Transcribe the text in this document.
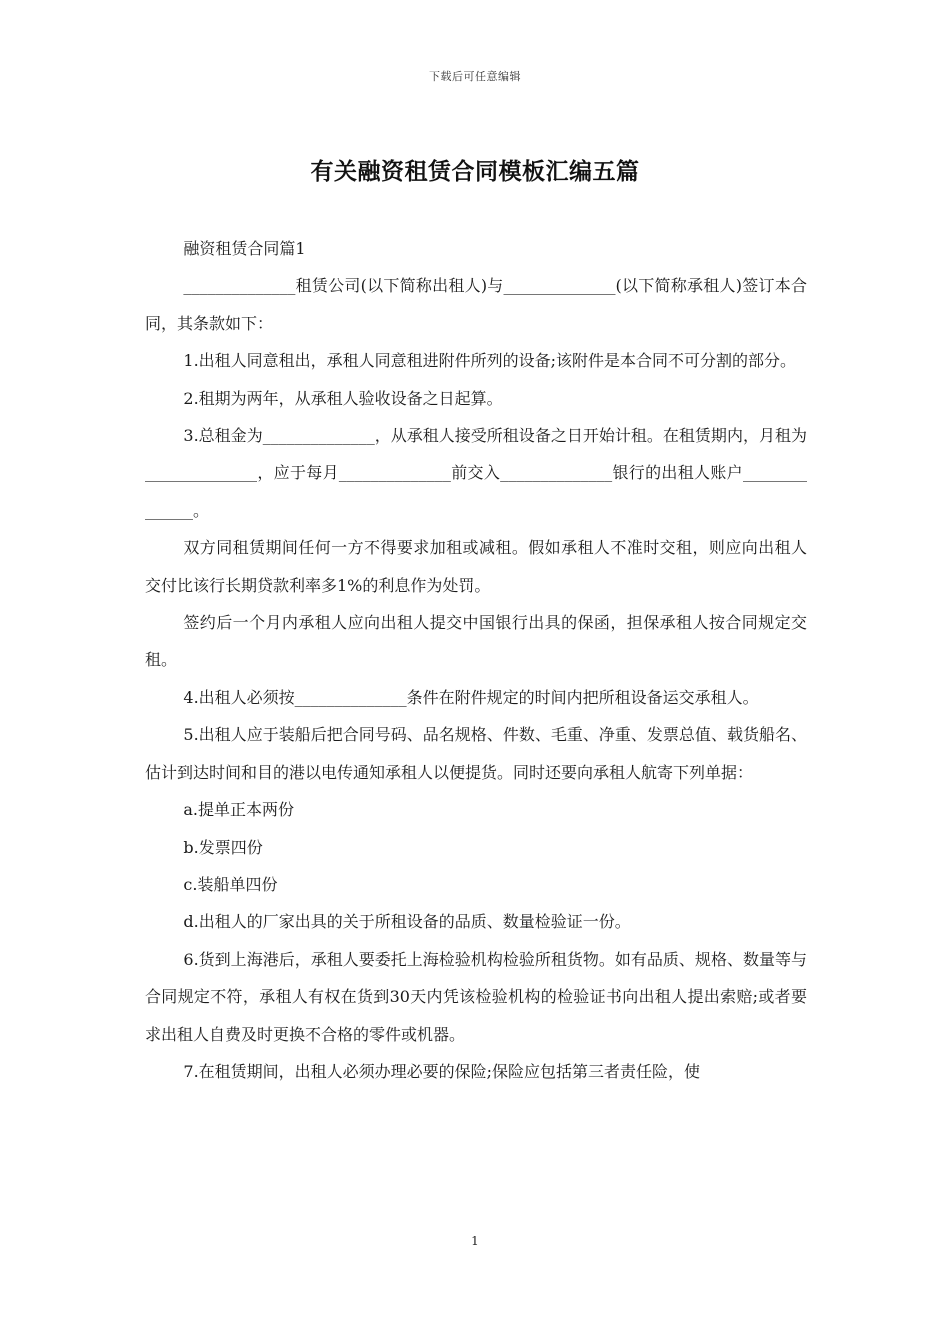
下载后可任意编辑
有关融资租赁合同模板汇编五篇

融资租赁合同篇1

______________租赁公司(以下简称出租人)与______________(以下简称承租人)签订本合同，其条款如下：

1.出租人同意租出，承租人同意租进附件所列的设备;该附件是本合同不可分割的部分。

2.租期为两年，从承租人验收设备之日起算。

3.总租金为______________，从承租人接受所租设备之日开始计租。在租赁期内，月租为______________，应于每月______________前交入______________银行的出租人账户______________。

双方同租赁期间任何一方不得要求加租或减租。假如承租人不准时交租，则应向出租人交付比该行长期贷款利率多1%的利息作为处罚。

签约后一个月内承租人应向出租人提交中国银行出具的保函，担保承租人按合同规定交租。

4.出租人必须按______________条件在附件规定的时间内把所租设备运交承租人。

5.出租人应于装船后把合同号码、品名规格、件数、毛重、净重、发票总值、载货船名、估计到达时间和目的港以电传通知承租人以便提货。同时还要向承租人航寄下列单据：

a.提单正本两份

b.发票四份

c.装船单四份

d.出租人的厂家出具的关于所租设备的品质、数量检验证一份。

6.货到上海港后，承租人要委托上海检验机构检验所租货物。如有品质、规格、数量等与合同规定不符，承租人有权在货到30天内凭该检验机构的检验证书向出租人提出索赔;或者要求出租人自费及时更换不合格的零件或机器。

7.在租赁期间，出租人必须办理必要的保险;保险应包括第三者责任险，使

1
